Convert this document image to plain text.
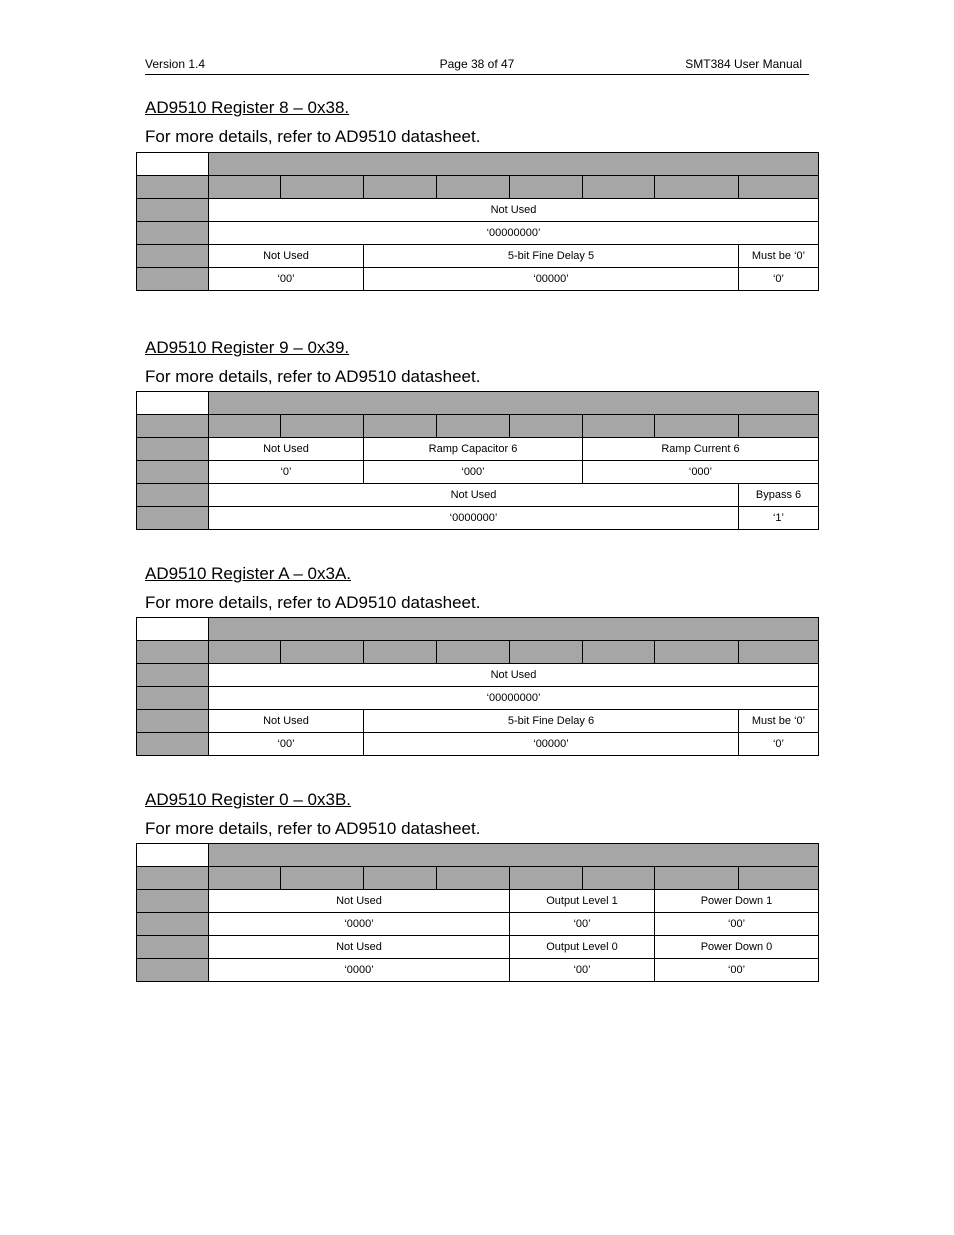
Version 1.4	Page 38 of 47	SMT384 User Manual
AD9510 Register 8 – 0x38.
For more details, refer to AD9510 datasheet.

	Not Used							
	‘00000000’							
	Not Used		5-bit Fine Delay 5					Must be ‘0’
	‘00’		‘00000’					‘0’
AD9510 Register 9 – 0x39.
For more details, refer to AD9510 datasheet.

	Not Used		Ramp Capacitor 6			Ramp Current 6		
	‘0’		‘000’			‘000’		
	Not Used							Bypass 6
	‘0000000’							‘1’
AD9510 Register A – 0x3A.
For more details, refer to AD9510 datasheet.

	Not Used							
	‘00000000’							
	Not Used		5-bit Fine Delay 6					Must be ‘0’
	‘00’		‘00000’					‘0’
AD9510 Register 0 – 0x3B.
For more details, refer to AD9510 datasheet.

	Not Used				Output Level 1		Power Down 1	
	‘0000’				‘00’		‘00’	
	Not Used				Output Level 0		Power Down 0	
	‘0000’				‘00’		‘00’	
